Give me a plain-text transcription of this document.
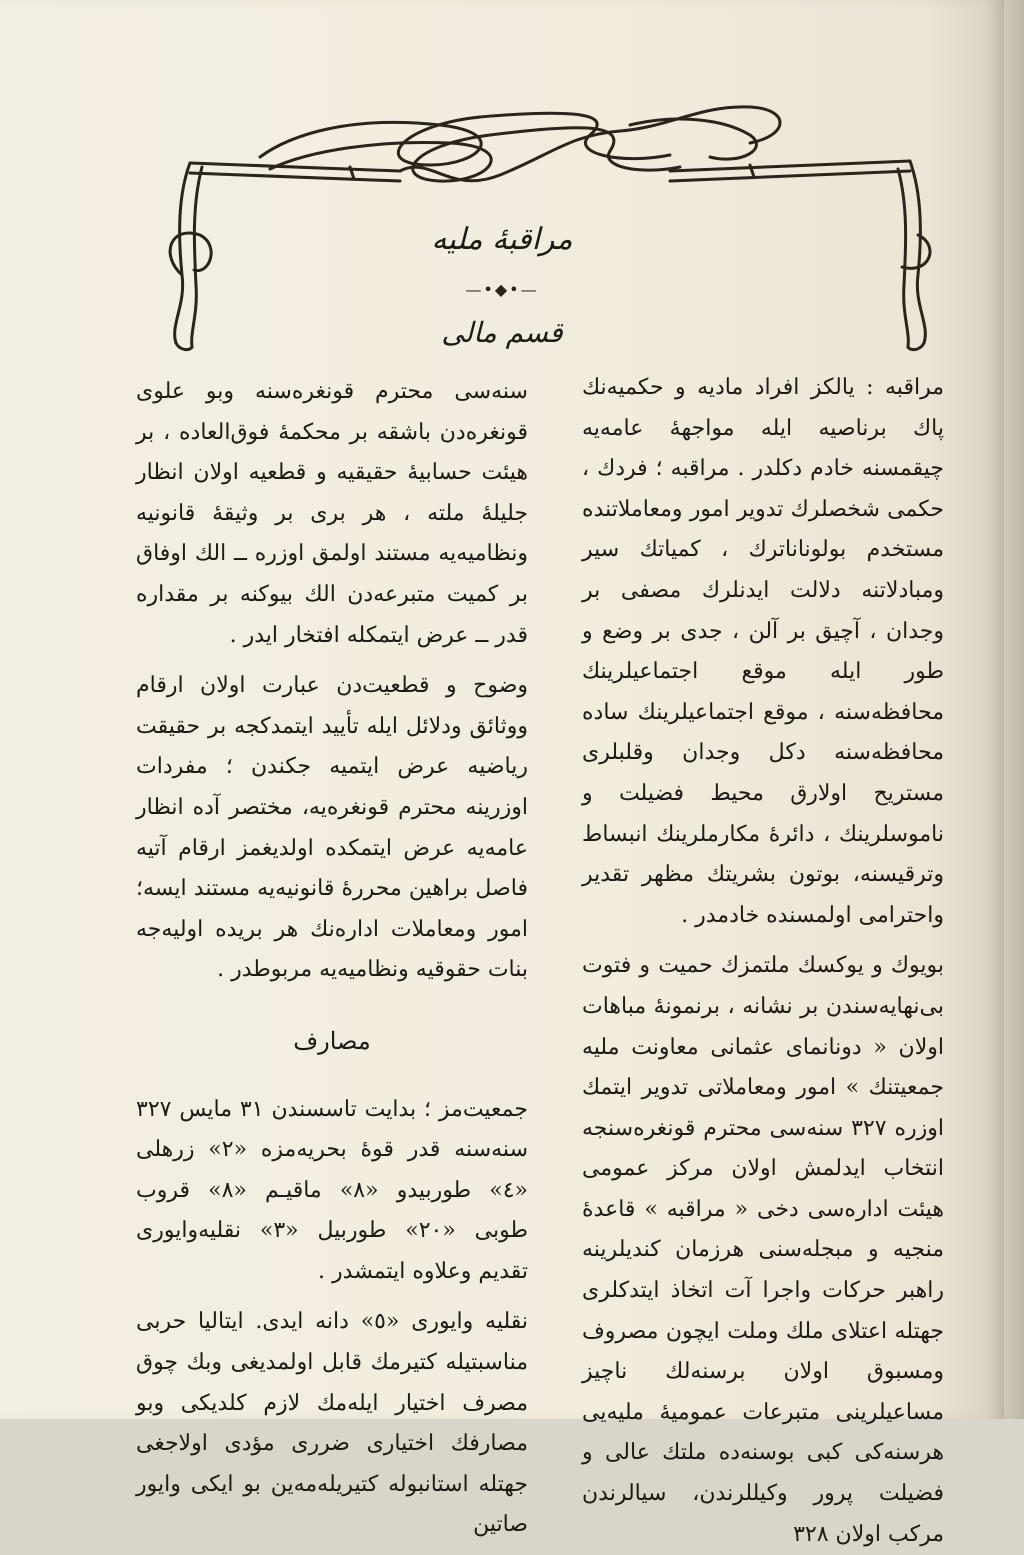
مراقبهٔ ملیه
—•◆•—
قسم مالی

مراقبه : یالکز افراد مادیه و حکمیه‌نك پاك برناصیه ایله مواجههٔ عامه‌یه چیقمسنه خادم دکلدر . مراقبه ؛ فردك ، حکمی شخصلرك تدویر امور ومعاملاتنده مستخدم بولوناناترك ، کمیاتك سیر ومبادلاتنه دلالت ایدنلرك مصفی بر وجدان ، آچیق بر آلن ، جدی بر وضع و طور ایله موقع اجتماعیلرینك محافظه‌سنه ، موقع اجتماعیلرینك ساده محافظه‌سنه دکل وجدان وقلبلری مستریح اولارق محیط فضیلت و ناموسلرینك ، دائرهٔ مکارملرینك انبساط وترقیسنه، بوتون بشریتك مظهر تقدیر واحترامی اولمسنده خادمدر .

بویوك و یوکسك ملتمزك حمیت و فتوت بی‌نهایه‌سندن بر نشانه ، برنمونهٔ مباهات اولان « دونانمای عثمانی معاونت ملیه جمعیتنك » امور ومعاملاتی تدویر ایتمك اوزره ۳۲۷ سنه‌سی محترم قونغره‌سنجه انتخاب ایدلمش اولان مرکز عمومی هیئت اداره‌سی دخی « مراقبه » قاعدهٔ منجیه و مبجله‌سنی هرزمان کندیلرینه راهبر حرکات واجرا آت اتخاذ ایتدکلری جهتله اعتلای ملك وملت ایچون مصروف ومسبوق اولان برسنه‌لك ناچیز مساعیلرینی متبرعات عمومیهٔ ملیه‌یی هرسنه‌کی کبی بوسنه‌ده ملتك عالی و فضیلت پرور وکیللرندن، سیالرندن مرکب اولان ۳۲۸

سنه‌سی محترم قونغره‌سنه وبو علوی قونغره‌دن باشقه بر محکمهٔ فوق‌العاده ، بر هیئت حسابیهٔ حقیقیه و قطعیه اولان انظار جلیلهٔ ملته ، هر بری بر وثیقهٔ قانونیه ونظامیه‌یه مستند اولمق اوزره ــ الك اوفاق بر کمیت متبرعه‌دن الك بیوکنه بر مقداره قدر ــ عرض ایتمکله افتخار ایدر .

وضوح و قطعیت‌دن عبارت اولان ارقام ووثائق ودلائل ایله تأیید ایتمدکجه بر حقیقت ریاضیه عرض ایتمیه جکندن ؛ مفردات اوزرینه محترم قونغره‌یه، مختصر آده انظار عامه‌یه عرض ایتمکده اولدیغمز ارقام آتیه فاصل براهین محررهٔ قانونیه‌یه مستند ایسه؛ امور ومعاملات اداره‌نك هر بریده اولیه‌جه بنات حقوقیه ونظامیه‌یه مربوطدر .

مصارف

جمعیت‌مز ؛ بدایت تاسسندن ۳۱ مایس ۳۲۷ سنه‌سنه قدر قوهٔ بحریه‌مزه «۲» زرهلی «٤» طوربیدو «۸» ماقیـم «۸» قروب طوبی «۲۰» طوربیل «۳» نقلیه‌وایوری تقدیم وعلاوه ایتمشدر .

نقلیه وایوری «٥» دانه ایدی. ایتالیا حربی مناسبتیله کتیرمك قابل اولمدیغی وبك چوق مصرف اختیار ایله‌مك لازم کلدیکی وبو مصارفك اختیاری ضرری مؤدی اولاجغی جهتله استانبوله کتیریله‌مه‌ین بو ایکی وایور صاتین
